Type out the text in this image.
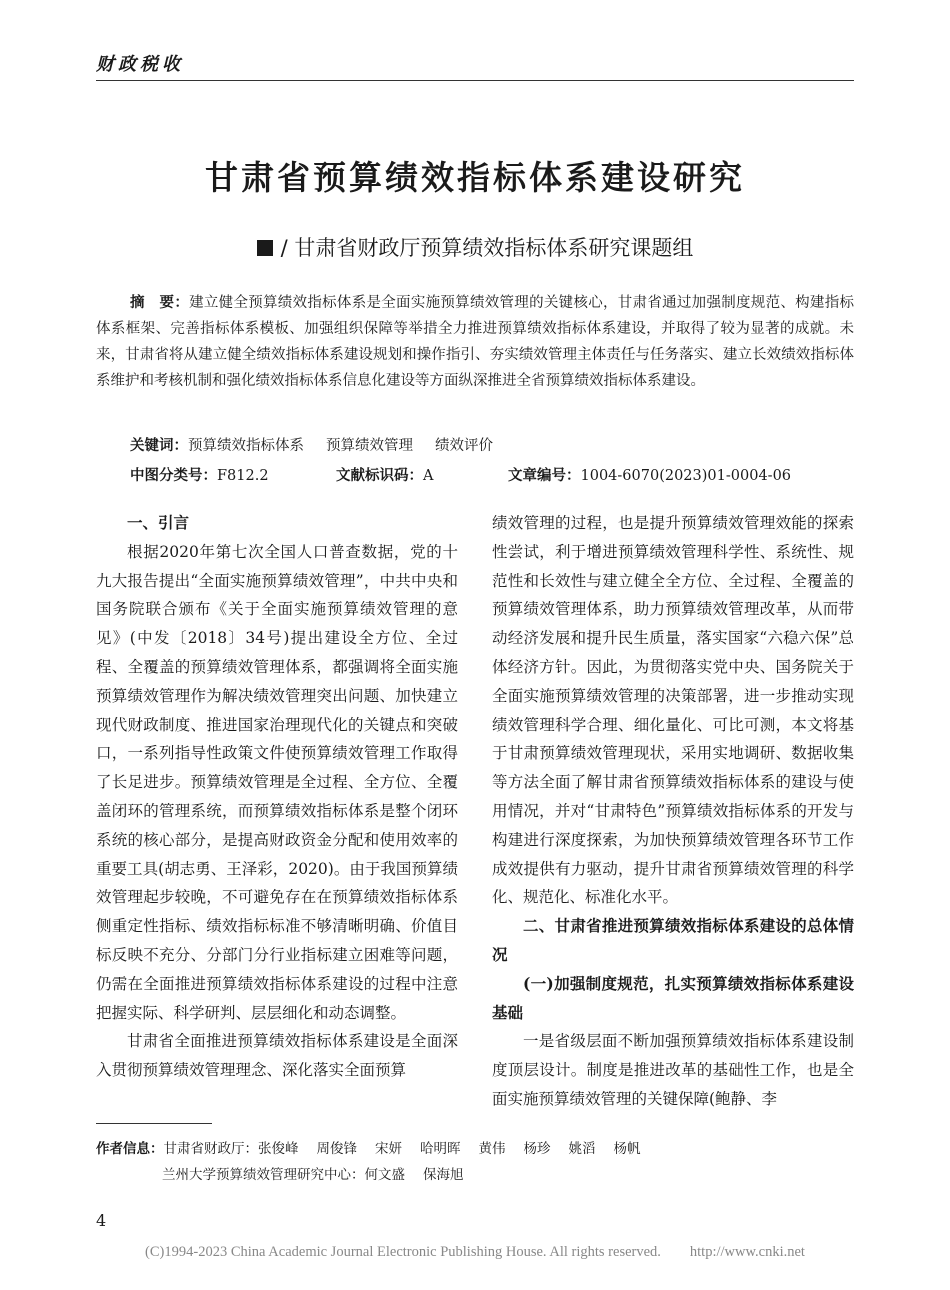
财政税收
甘肃省预算绩效指标体系建设研究
/ 甘肃省财政厅预算绩效指标体系研究课题组
摘　要：建立健全预算绩效指标体系是全面实施预算绩效管理的关键核心，甘肃省通过加强制度规范、构建指标体系框架、完善指标体系模板、加强组织保障等举措全力推进预算绩效指标体系建设，并取得了较为显著的成就。未来，甘肃省将从建立健全绩效指标体系建设规划和操作指引、夯实绩效管理主体责任与任务落实、建立长效绩效指标体系维护和考核机制和强化绩效指标体系信息化建设等方面纵深推进全省预算绩效指标体系建设。
关键词：预算绩效指标体系 预算绩效管理 绩效评价
中图分类号：F812.2	文献标识码：A	文章编号：1004-6070(2023)01-0004-06
一、引言

根据2020年第七次全国人口普查数据，党的十九大报告提出“全面实施预算绩效管理”，中共中央和国务院联合颁布《关于全面实施预算绩效管理的意见》(中发〔2018〕34号)提出建设全方位、全过程、全覆盖的预算绩效管理体系，都强调将全面实施预算绩效管理作为解决绩效管理突出问题、加快建立现代财政制度、推进国家治理现代化的关键点和突破口，一系列指导性政策文件使预算绩效管理工作取得了长足进步。预算绩效管理是全过程、全方位、全覆盖闭环的管理系统，而预算绩效指标体系是整个闭环系统的核心部分，是提高财政资金分配和使用效率的重要工具(胡志勇、王泽彩，2020)。由于我国预算绩效管理起步较晚，不可避免存在在预算绩效指标体系侧重定性指标、绩效指标标准不够清晰明确、价值目标反映不充分、分部门分行业指标建立困难等问题，仍需在全面推进预算绩效指标体系建设的过程中注意把握实际、科学研判、层层细化和动态调整。

甘肃省全面推进预算绩效指标体系建设是全面深入贯彻预算绩效管理理念、深化落实全面预算

绩效管理的过程，也是提升预算绩效管理效能的探索性尝试，利于增进预算绩效管理科学性、系统性、规范性和长效性与建立健全全方位、全过程、全覆盖的预算绩效管理体系，助力预算绩效管理改革，从而带动经济发展和提升民生质量，落实国家“六稳六保”总体经济方针。因此，为贯彻落实党中央、国务院关于全面实施预算绩效管理的决策部署，进一步推动实现绩效管理科学合理、细化量化、可比可测，本文将基于甘肃预算绩效管理现状，采用实地调研、数据收集等方法全面了解甘肃省预算绩效指标体系的建设与使用情况，并对“甘肃特色”预算绩效指标体系的开发与构建进行深度探索，为加快预算绩效管理各环节工作成效提供有力驱动，提升甘肃省预算绩效管理的科学化、规范化、标准化水平。

二、甘肃省推进预算绩效指标体系建设的总体情况
(一)加强制度规范，扎实预算绩效指标体系建设基础

一是省级层面不断加强预算绩效指标体系建设制度顶层设计。制度是推进改革的基础性工作，也是全面实施预算绩效管理的关键保障(鲍静、李

作者信息：甘肃省财政厅：张俊峰 周俊锋 宋妍 哈明晖 黄伟 杨珍 姚滔 杨帆
兰州大学预算绩效管理研究中心：何文盛 保海旭
4
(C)1994-2023 China Academic Journal Electronic Publishing House. All rights reserved.　　http://www.cnki.net
